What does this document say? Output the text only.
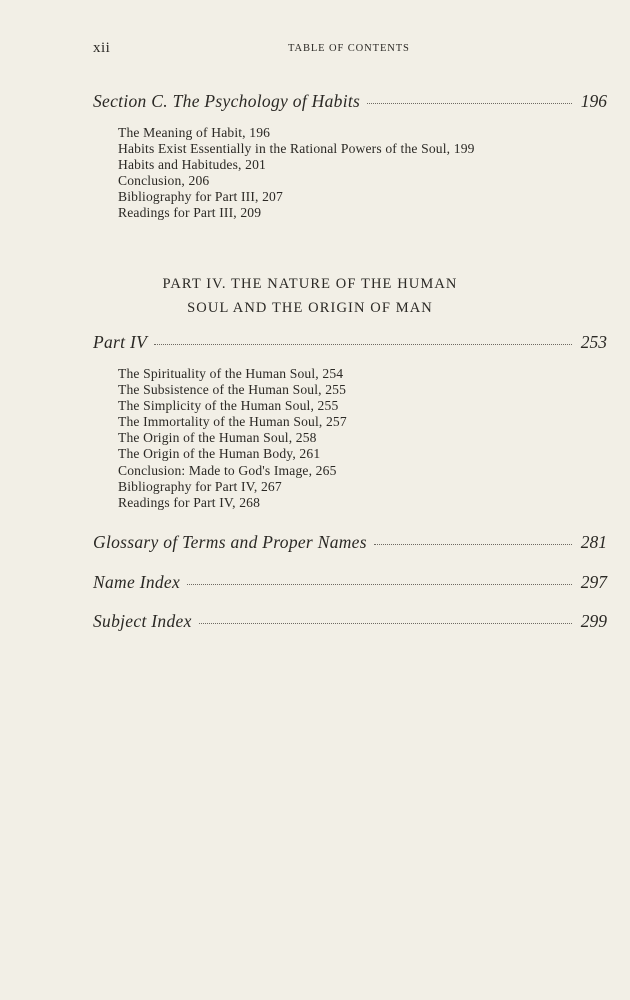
xii	TABLE OF CONTENTS
Section C. The Psychology of Habits	196
The Meaning of Habit, 196
Habits Exist Essentially in the Rational Powers of the Soul, 199
Habits and Habitudes, 201
Conclusion, 206
Bibliography for Part III, 207
Readings for Part III, 209
PART IV. THE NATURE OF THE HUMAN
SOUL AND THE ORIGIN OF MAN
Part IV	253
The Spirituality of the Human Soul, 254
The Subsistence of the Human Soul, 255
The Simplicity of the Human Soul, 255
The Immortality of the Human Soul, 257
The Origin of the Human Soul, 258
The Origin of the Human Body, 261
Conclusion: Made to God's Image, 265
Bibliography for Part IV, 267
Readings for Part IV, 268
Glossary of Terms and Proper Names	281
Name Index	297
Subject Index	299
